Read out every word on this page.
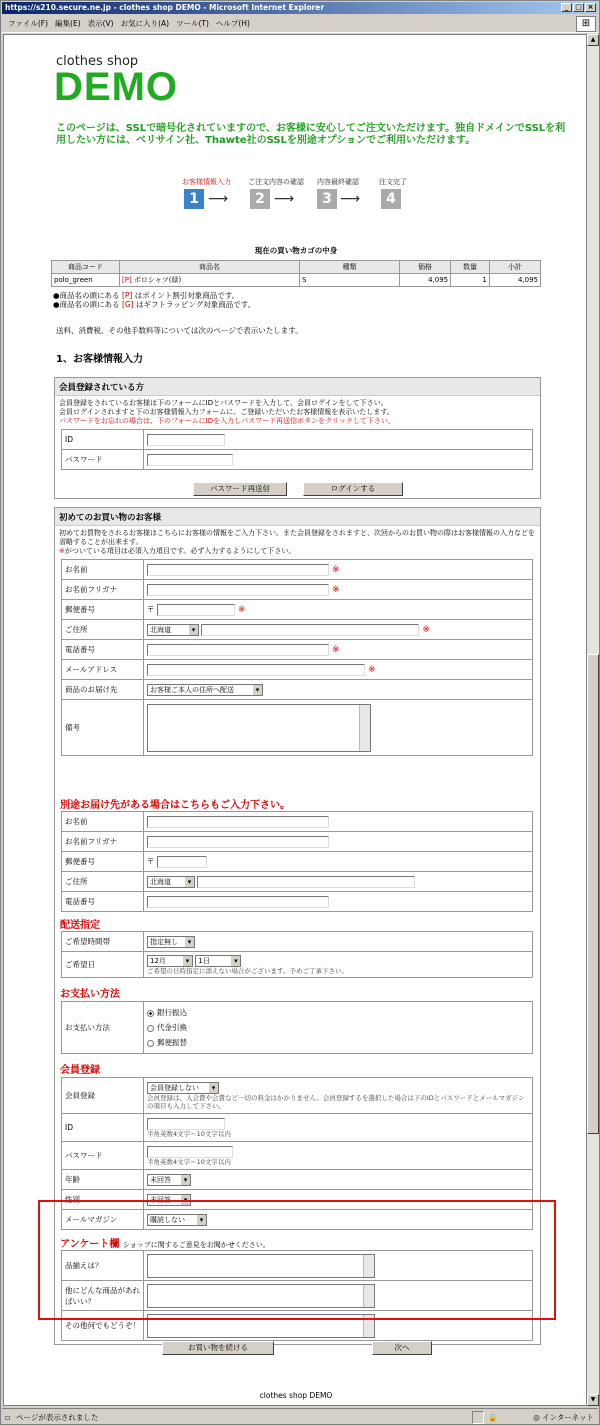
https://s210.secure.ne.jp - clothes shop DEMO - Microsoft Internet Explorer	_ □ ×
ファイル(F) 編集(E) 表示(V) お気に入り(A) ツール(T) ヘルプ(H)	⊞
clothes shop
DEMO
このページは、SSLで暗号化されていますので、お客様に安心してご注文いただけます。独自ドメインでSSLを利用したい方には、ベリサイン社、Thawte社のSSLを別途オプションでご利用いただけます。
お客様情報入力 ご注文内容の確認 内容最終確認	注文完了
1 ⟶	2 ⟶	3 ⟶	4
現在の買い物カゴの中身
商品コード	商品名	種類	価格	数量	小計
polo_green	[P] ポロシャツ(緑)	S	4,095	1	4,095
●商品名の頭にある [P] はポイント割引対象商品です。
●商品名の頭にある [G] はギフトラッピング対象商品です。
送料、消費税、その他手数料等については次のページで表示いたします。
1、お客様情報入力
会員登録されている方
会員登録をされているお客様は下のフォームにIDとパスワードを入力して、会員ログインをして下さい。
会員ログインされますと下のお客様情報入力フォームに、ご登録いただいたお客様情報を表示いたします。
パスワードをお忘れの場合は、下のフォームにIDを入力しパスワード再送信ボタンをクリックして下さい。
ID	
パスワード	
パスワード再送信	ログインする
初めてのお買い物のお客様
初めてお買物をされるお客様はこちらにお客様の情報をご入力下さい。また会員登録をされますと、次回からのお買い物の際はお客様情報の入力などを省略することが出来ます。
※がついている項目は必須入力項目です。必ず入力するようにして下さい。
お名前	※
お名前フリガナ	※
郵便番号	〒 ※
ご住所	北海道 ▾ ※
電話番号	※
メールアドレス	※
商品のお届け先	お客様ご本人の住所へ配送 ▾
備考	
別途お届け先がある場合はこちらもご入力下さい。
お名前	
お名前フリガナ	
郵便番号	〒
ご住所	北海道 ▾
電話番号	
配送指定
ご希望時間帯	指定無し ▾
ご希望日	12月 ▾ 1日 ▾
ご希望の日時指定に添えない場合がございます。予めご了承下さい。
お支払い方法
お支払い方法	
銀行振込
代金引換
郵便振替
会員登録
会員登録	会員登録しない ▾
会員登録は、入会費や会費など一切の料金はかかりません。会員登録するを選択した場合は下のIDとパスワードとメールマガジンの項目も入力して下さい。

ID	半角英数4文字～10文字以内

パスワード	半角英数4文字～10文字以内

年齢	未回答 ▾
性別	未回答 ▾
メールマガジン	購読しない ▾
アンケート欄 ショップに関するご意見をお聞かせください。
品揃えは？	
他にどんな商品があればいい？	
その他何でもどうぞ！	
お買い物を続ける	次へ
clothes shop DEMO
▲
▼
▫ ページが表示されました	🔒	◎ インターネット
